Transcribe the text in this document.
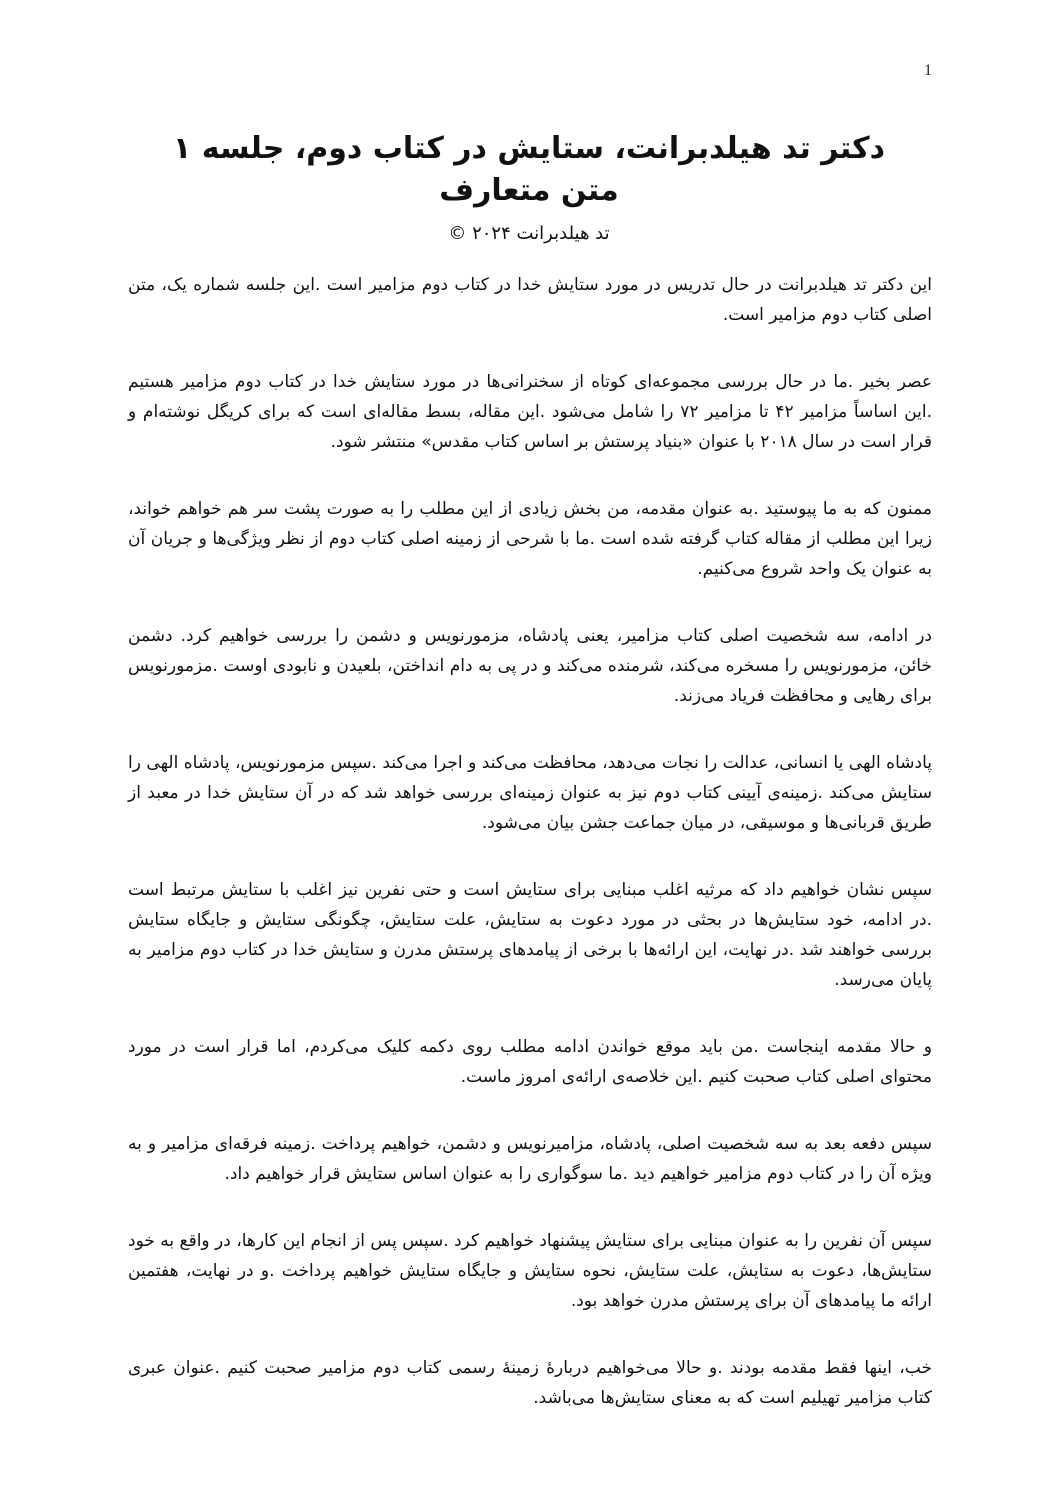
1
دکتر تد هیلدبرانت، ستایش در کتاب دوم، جلسه ۱
متن متعارف
تد هیلدبرانت ۲۰۲۴ ©

این دکتر تد هیلدبرانت در حال تدریس در مورد ستایش خدا در کتاب دوم مزامیر است .این جلسه شماره یک، متن اصلی کتاب دوم مزامیر است.

عصر بخیر .ما در حال بررسی مجموعه‌ای کوتاه از سخنرانی‌ها در مورد ستایش خدا در کتاب دوم مزامیر هستیم .این اساساً مزامیر ۴۲ تا مزامیر ۷۲ را شامل می‌شود .این مقاله، بسط مقاله‌ای است که برای کریگل نوشته‌ام و قرار است در سال ۲۰۱۸ با عنوان «بنیاد پرستش بر اساس کتاب مقدس» منتشر شود.

ممنون که به ما پیوستید .به عنوان مقدمه، من بخش زیادی از این مطلب را به صورت پشت سر هم خواهم خواند، زیرا این مطلب از مقاله کتاب گرفته شده است .ما با شرحی از زمینه اصلی کتاب دوم از نظر ویژگی‌ها و جریان آن به عنوان یک واحد شروع می‌کنیم.

در ادامه، سه شخصیت اصلی کتاب مزامیر، یعنی پادشاه، مزمورنویس و دشمن را بررسی خواهیم کرد. دشمن خائن، مزمورنویس را مسخره می‌کند، شرمنده می‌کند و در پی به دام انداختن، بلعیدن و نابودی اوست .مزمورنویس برای رهایی و محافظت فریاد می‌زند.

پادشاه الهی یا انسانی، عدالت را نجات می‌دهد، محافظت می‌کند و اجرا می‌کند .سپس مزمورنویس، پادشاه الهی را ستایش می‌کند .زمینه‌ی آیینی کتاب دوم نیز به عنوان زمینه‌ای بررسی خواهد شد که در آن ستایش خدا در معبد از طریق قربانی‌ها و موسیقی، در میان جماعت جشن بیان می‌شود.

سپس نشان خواهیم داد که مرثیه اغلب مبنایی برای ستایش است و حتی نفرین نیز اغلب با ستایش مرتبط است .در ادامه، خود ستایش‌ها در بحثی در مورد دعوت به ستایش، علت ستایش، چگونگی ستایش و جایگاه ستایش بررسی خواهند شد .در نهایت، این ارائه‌ها با برخی از پیامدهای پرستش مدرن و ستایش خدا در کتاب دوم مزامیر به پایان می‌رسد.

و حالا مقدمه اینجاست .من باید موقع خواندن ادامه مطلب روی دکمه کلیک می‌کردم، اما قرار است در مورد محتوای اصلی کتاب صحبت کنیم .این خلاصه‌ی ارائه‌ی امروز ماست.

سپس دفعه بعد به سه شخصیت اصلی، پادشاه، مزامیرنویس و دشمن، خواهیم پرداخت .زمینه فرقه‌ای مزامیر و به ویژه آن را در کتاب دوم مزامیر خواهیم دید .ما سوگواری را به عنوان اساس ستایش قرار خواهیم داد.

سپس آن نفرین را به عنوان مبنایی برای ستایش پیشنهاد خواهیم کرد .سپس پس از انجام این کارها، در واقع به خود ستایش‌ها، دعوت به ستایش، علت ستایش، نحوه ستایش و جایگاه ستایش خواهیم پرداخت .و در نهایت، هفتمین ارائه ما پیامدهای آن برای پرستش مدرن خواهد بود.

خب، اینها فقط مقدمه بودند .و حالا می‌خواهیم دربارهٔ زمینهٔ رسمی کتاب دوم مزامیر صحبت کنیم .عنوان عبری کتاب مزامیر تهیلیم است که به معنای ستایش‌ها می‌باشد.
